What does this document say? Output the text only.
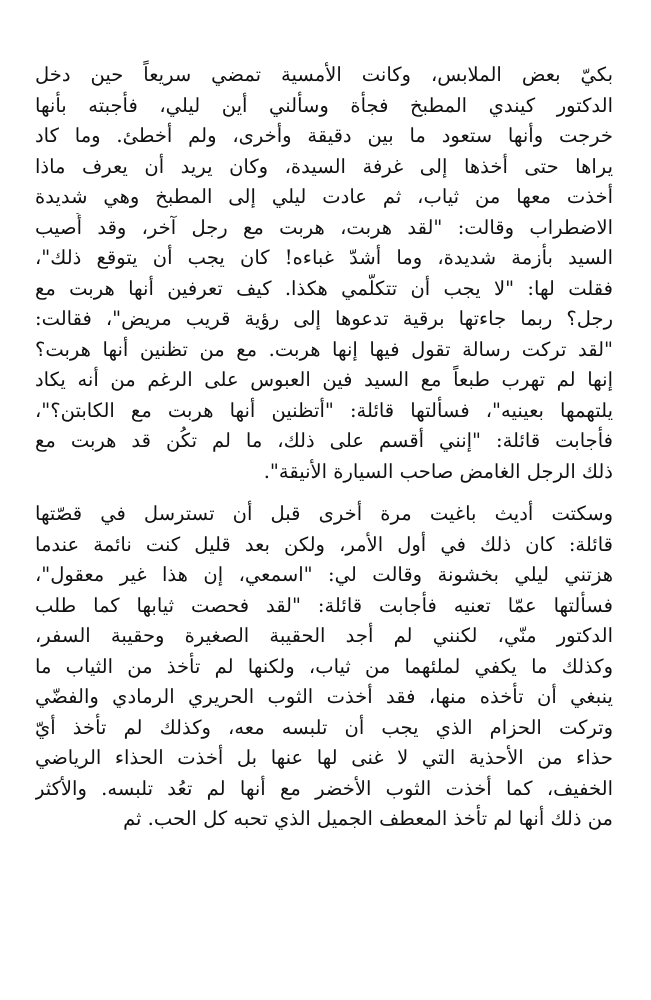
بكيّ بعض الملابس، وكانت الأمسية تمضي سريعاً حين دخل
الدكتور كيندي المطبخ فجأة وسألني أين ليلي، فأجبته بأنها
خرجت وأنها ستعود ما بين دقيقة وأخرى، ولم أخطئ. وما كاد
يراها حتى أخذها إلى غرفة السيدة، وكان يريد أن يعرف ماذا
أخذت معها من ثياب، ثم عادت ليلي إلى المطبخ وهي شديدة
الاضطراب وقالت: "لقد هربت، هربت مع رجل آخر، وقد أُصيب
السيد بأزمة شديدة، وما أشدّ غباءه! كان يجب أن يتوقع ذلك"،
فقلت لها: "لا يجب أن تتكلّمي هكذا. كيف تعرفين أنها هربت مع
رجل؟ ربما جاءتها برقية تدعوها إلى رؤية قريب مريض"، فقالت:
"لقد تركت رسالة تقول فيها إنها هربت. مع من تظنين أنها هربت؟
إنها لم تهرب طبعاً مع السيد فين العبوس على الرغم من أنه يكاد
يلتهمها بعينيه"، فسألتها قائلة: "أتظنين أنها هربت مع الكابتن؟"،
فأجابت قائلة: "إنني أقسم على ذلك، ما لم تكُن قد هربت مع
ذلك الرجل الغامض صاحب السيارة الأنيقة".

وسكتت أديث باغيت مرة أخرى قبل أن تسترسل في قصّتها
قائلة: كان ذلك في أول الأمر، ولكن بعد قليل كنت نائمة عندما
هزتني ليلي بخشونة وقالت لي: "اسمعي، إن هذا غير معقول"،
فسألتها عمّا تعنيه فأجابت قائلة: "لقد فحصت ثيابها كما طلب
الدكتور منّي، لكنني لم أجد الحقيبة الصغيرة وحقيبة السفر،
وكذلك ما يكفي لملئهما من ثياب، ولكنها لم تأخذ من الثياب ما
ينبغي أن تأخذه منها، فقد أخذت الثوب الحريري الرمادي والفضّي
وتركت الحزام الذي يجب أن تلبسه معه، وكذلك لم تأخذ أيّ
حذاء من الأحذية التي لا غنى لها عنها بل أخذت الحذاء الرياضي
الخفيف، كما أخذت الثوب الأخضر مع أنها لم تعُد تلبسه. والأكثر
من ذلك أنها لم تأخذ المعطف الجميل الذي تحبه كل الحب. ثم
